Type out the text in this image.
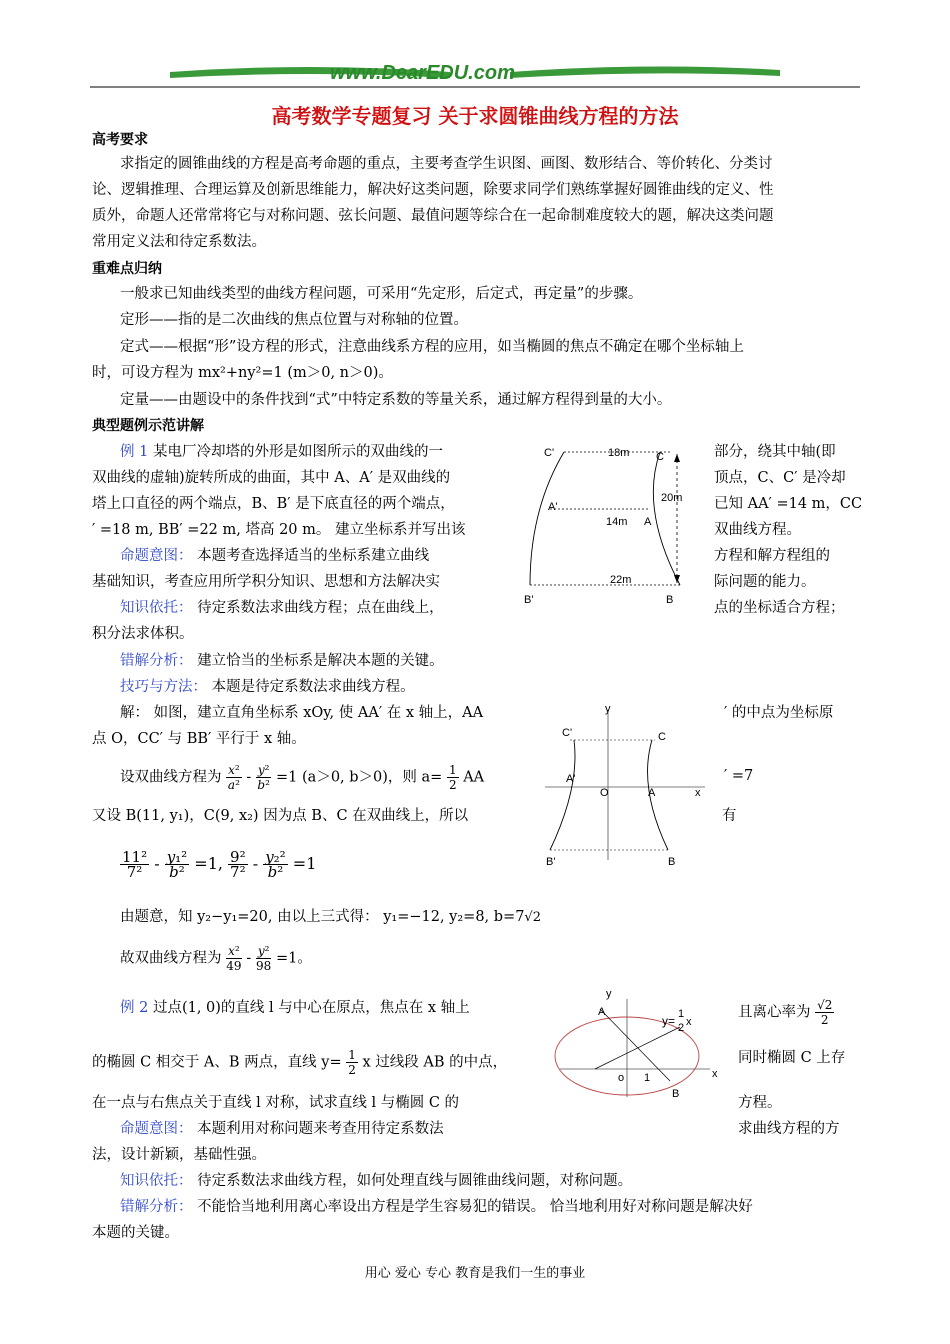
www.DearEDU.com
高考数学专题复习 关于求圆锥曲线方程的方法
高考要求
求指定的圆锥曲线的方程是高考命题的重点，主要考查学生识图、画图、数形结合、等价转化、分类讨
论、逻辑推理、合理运算及创新思维能力，解决好这类问题，除要求同学们熟练掌握好圆锥曲线的定义、性
质外，命题人还常常将它与对称问题、弦长问题、最值问题等综合在一起命制难度较大的题，解决这类问题
常用定义法和待定系数法。
重难点归纳
一般求已知曲线类型的曲线方程问题，可采用“先定形，后定式，再定量”的步骤。
定形——指的是二次曲线的焦点位置与对称轴的位置。
定式——根据“形”设方程的形式，注意曲线系方程的应用，如当椭圆的焦点不确定在哪个坐标轴上
时，可设方程为 mx²+ny²=1 (m＞0, n＞0)。
定量——由题设中的条件找到“式”中特定系数的等量关系，通过解方程得到量的大小。
典型题例示范讲解
例 1 某电厂冷却塔的外形是如图所示的双曲线的一
双曲线的虚轴)旋转所成的曲面，其中 A、A′ 是双曲线的
塔上口直径的两个端点，B、B′ 是下底直径的两个端点，
′ =18 m, BB′ =22 m, 塔高 20 m。 建立坐标系并写出该
部分，绕其中轴(即
顶点，C、C′ 是冷却
已知 AA′ =14 m，CC
双曲线方程。
C'	18m C
20m
A'
14m A
22m
B'	B
命题意图： 本题考查选择适当的坐标系建立曲线	方程和解方程组的
基础知识，考查应用所学积分知识、思想和方法解决实	际问题的能力。
知识依托： 待定系数法求曲线方程；点在曲线上，	点的坐标适合方程；
积分法求体积。
错解分析： 建立恰当的坐标系是解决本题的关键。
技巧与方法： 本题是待定系数法求曲线方程。
解： 如图，建立直角坐标系 xOy, 使 AA′ 在 x 轴上，AA	′ 的中点为坐标原
点 O，CC′ 与 BB′ 平行于 x 轴。
y
C'	C
A'
O	A	x
B'	B
设双曲线方程为 $\frac{\text{x²}}{\text{a²}} - \frac{\text{y²}}{\text{b²}} =1$ (a＞0, b＞0)，则 $a= \frac{1}{2}$ AA	′ =7
又设 B(11, y₁)，C(9, x₂) 因为点 B、C 在双曲线上，所以	有
$\frac{\text{11²}}{\text{7²}} - \frac{\text{y₁²}}{\text{b²}} =1$, $\frac{\text{9²}}{\text{7²}} - \frac{\text{y₂²}}{\text{b²}} =1$
由题意，知 y₂−y₁=20, 由以上三式得： y₁=−12, y₂=8, b=7√2
故双曲线方程为 $\frac{\text{x²}}{49} - \frac{\text{y²}}{98} =1$。
例 2 过点(1, 0)的直线 l 与中心在原点，焦点在 x 轴上	且离心率为 $\frac{√2}{2}$
的椭圆 C 相交于 A、B 两点，直线 $y= \frac{1}{2}$ x 过线段 AB 的中点，	同时椭圆 C 上存
y
A
y= 1
2 x
o 1	x
B
在一点与右焦点关于直线 l 对称，试求直线 l 与椭圆 C 的	方程。
命题意图： 本题利用对称问题来考查用待定系数法	求曲线方程的方
法，设计新颖，基础性强。
知识依托： 待定系数法求曲线方程，如何处理直线与圆锥曲线问题，对称问题。
错解分析： 不能恰当地利用离心率设出方程是学生容易犯的错误。 恰当地利用好对称问题是解决好
本题的关键。
用心 爱心 专心 教育是我们一生的事业
